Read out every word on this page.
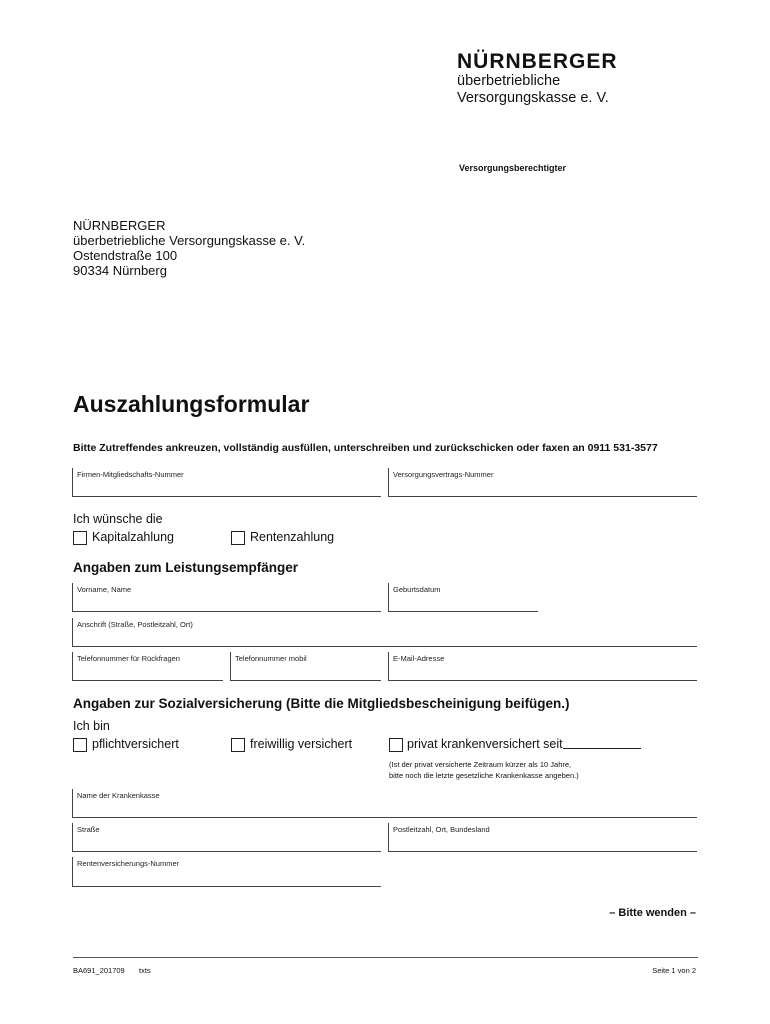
NÜRNBERGER
überbetriebliche
Versorgungskasse e. V.
Versorgungsberechtigter
NÜRNBERGER
überbetriebliche Versorgungskasse e. V.
Ostendstraße 100
90334 Nürnberg
Auszahlungsformular
Bitte Zutreffendes ankreuzen, vollständig ausfüllen, unterschreiben und zurückschicken oder faxen an 0911 531-3577
Firmen-Mitgliedschafts-Nummer	Versorgungsvertrags-Nummer
Ich wünsche die
Kapitalzahlung	Rentenzahlung
Angaben zum Leistungsempfänger
Vorname, Name	Geburtsdatum
Anschrift (Straße, Postleitzahl, Ort)
Telefonnummer für Rückfragen	Telefonnummer mobil	E-Mail-Adresse
Angaben zur Sozialversicherung (Bitte die Mitgliedsbescheinigung beifügen.)
Ich bin
pflichtversichert	freiwillig versichert	privat krankenversichert seit
(Ist der privat versicherte Zeitraum kürzer als 10 Jahre,
bitte noch die letzte gesetzliche Krankenkasse angeben.)
Name der Krankenkasse
Straße	Postleitzahl, Ort, Bundesland
Rentenversicherungs-Nummer
– Bitte wenden –
BA691_201709 txts	Seite 1 von 2
